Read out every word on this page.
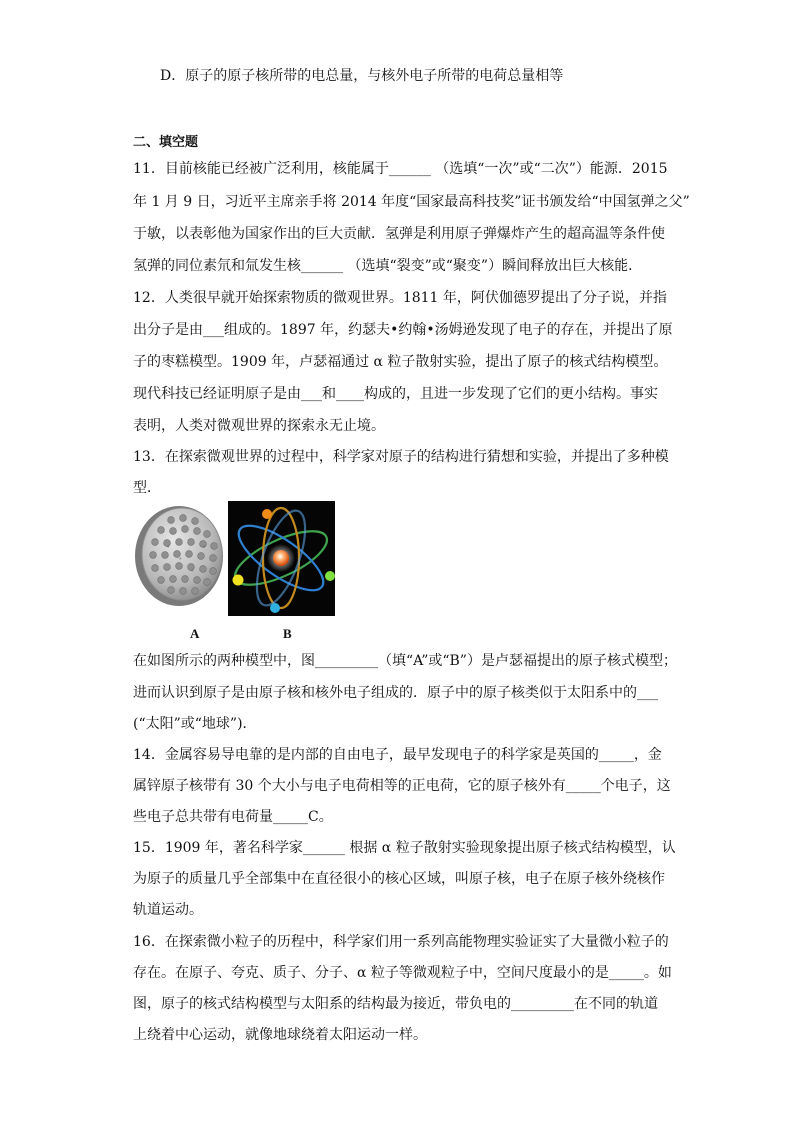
D．原子的原子核所带的电总量，与核外电子所带的电荷总量相等
二、填空题
11．目前核能已经被广泛利用，核能属于______ （选填“一次”或“二次”）能源．2015
年 1 月 9 日，习近平主席亲手将 2014 年度“国家最高科技奖”证书颁发给“中国氢弹之父”
于敏，以表彰他为国家作出的巨大贡献．氢弹是利用原子弹爆炸产生的超高温等条件使
氢弹的同位素氘和氚发生核______ （选填“裂变”或“聚变”）瞬间释放出巨大核能．
12．人类很早就开始探索物质的微观世界。1811 年，阿伏伽德罗提出了分子说，并指
出分子是由___组成的。1897 年，约瑟夫•约翰•汤姆逊发现了电子的存在，并提出了原
子的枣糕模型。1909 年，卢瑟福通过 α 粒子散射实验，提出了原子的核式结构模型。
现代科技已经证明原子是由___和____构成的，且进一步发现了它们的更小结构。事实
表明，人类对微观世界的探索永无止境。
13．在探索微观世界的过程中，科学家对原子的结构进行猜想和实验，并提出了多种模
型．
+
+
+
+
A	B
在如图所示的两种模型中，图_________（填“A”或“B”）是卢瑟福提出的原子核式模型；
进而认识到原子是由原子核和核外电子组成的．原子中的原子核类似于太阳系中的___
(“太阳”或“地球”)．
14．金属容易导电靠的是内部的自由电子，最早发现电子的科学家是英国的_____，金
属锌原子核带有 30 个大小与电子电荷相等的正电荷，它的原子核外有_____个电子，这
些电子总共带有电荷量_____C。
15．1909 年，著名科学家______ 根据 α 粒子散射实验现象提出原子核式结构模型，认
为原子的质量几乎全部集中在直径很小的核心区域，叫原子核，电子在原子核外绕核作
轨道运动。
16．在探索微小粒子的历程中，科学家们用一系列高能物理实验证实了大量微小粒子的
存在。在原子、夸克、质子、分子、α 粒子等微观粒子中，空间尺度最小的是_____。如
图，原子的核式结构模型与太阳系的结构最为接近，带负电的_________在不同的轨道
上绕着中心运动，就像地球绕着太阳运动一样。
